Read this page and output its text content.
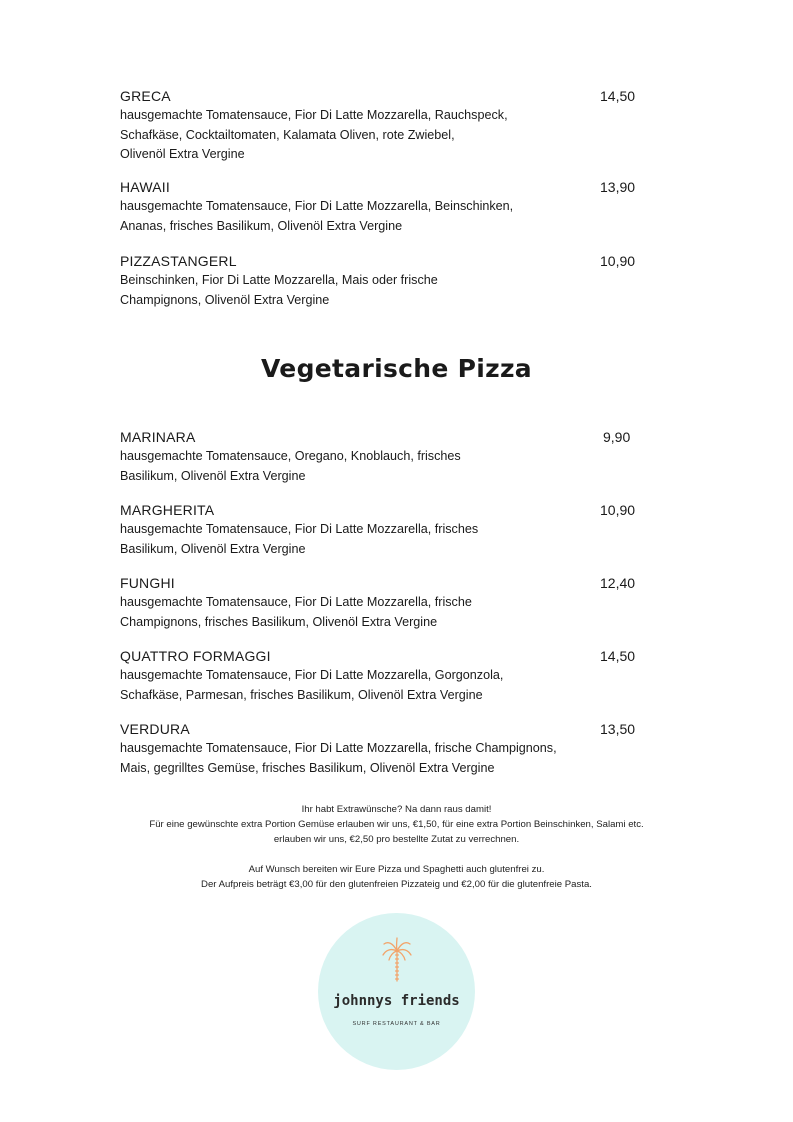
GRECA	14,50
hausgemachte Tomatensauce, Fior Di Latte Mozzarella, Rauchspeck,
Schafkäse, Cocktailtomaten, Kalamata Oliven, rote Zwiebel,
Olivenöl Extra Vergine
HAWAII	13,90
hausgemachte Tomatensauce, Fior Di Latte Mozzarella, Beinschinken,
Ananas, frisches Basilikum, Olivenöl Extra Vergine
PIZZASTANGERL	10,90
Beinschinken, Fior Di Latte Mozzarella, Mais oder frische
Champignons, Olivenöl Extra Vergine
Vegetarische Pizza
MARINARA	9,90
hausgemachte Tomatensauce, Oregano, Knoblauch, frisches
Basilikum, Olivenöl Extra Vergine
MARGHERITA	10,90
hausgemachte Tomatensauce, Fior Di Latte Mozzarella, frisches
Basilikum, Olivenöl Extra Vergine
FUNGHI	12,40
hausgemachte Tomatensauce, Fior Di Latte Mozzarella, frische
Champignons, frisches Basilikum, Olivenöl Extra Vergine
QUATTRO FORMAGGI	14,50
hausgemachte Tomatensauce, Fior Di Latte Mozzarella, Gorgonzola,
Schafkäse, Parmesan, frisches Basilikum, Olivenöl Extra Vergine
VERDURA	13,50
hausgemachte Tomatensauce, Fior Di Latte Mozzarella, frische Champignons,
Mais, gegrilltes Gemüse, frisches Basilikum, Olivenöl Extra Vergine

Ihr habt Extrawünsche? Na dann raus damit!

Für eine gewünschte extra Portion Gemüse erlauben wir uns, €1,50, für eine extra Portion Beinschinken, Salami etc.

erlauben wir uns, €2,50 pro bestellte Zutat zu verrechnen.

Auf Wunsch bereiten wir Eure Pizza und Spaghetti auch glutenfrei zu.

Der Aufpreis beträgt €3,00 für den glutenfreien Pizzateig und €2,00 für die glutenfreie Pasta.

johnnys friends
SURF RESTAURANT & BAR
